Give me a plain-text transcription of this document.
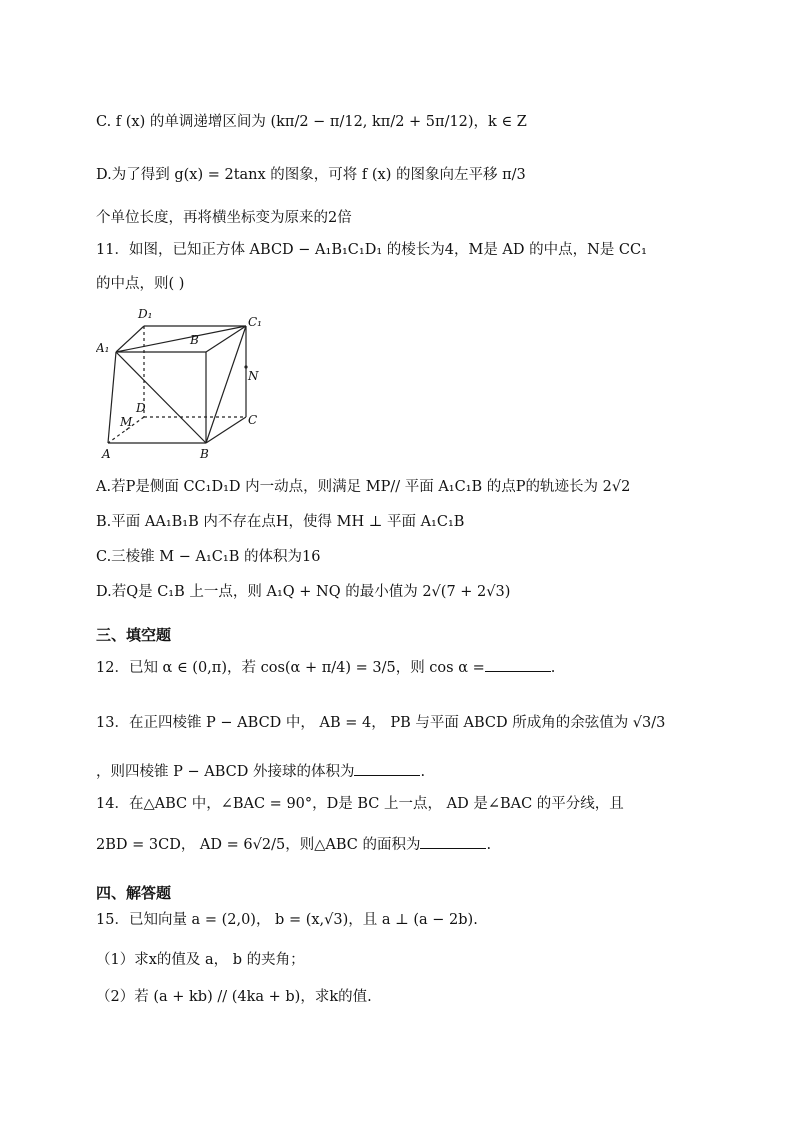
C. f (x) 的单调递增区间为 (kπ/2 − π/12, kπ/2 + 5π/12)，k ∈ Z
D.为了得到 g(x) = 2tanx 的图象，可将 f (x) 的图象向左平移 π/3
个单位长度，再将横坐标变为原来的2倍
11．如图，已知正方体 ABCD − A₁B₁C₁D₁ 的棱长为4，M是 AD 的中点，N是 CC₁
的中点，则( )
A.若P是侧面 CC₁D₁D 内一动点，则满足 MP// 平面 A₁C₁B 的点P的轨迹长为 2√2
B.平面 AA₁B₁B 内不存在点H，使得 MH ⊥ 平面 A₁C₁B
C.三棱锥 M − A₁C₁B 的体积为16
D.若Q是 C₁B 上一点，则 A₁Q + NQ 的最小值为 2√(7 + 2√3)
三、填空题
12．已知 α ∈ (0,π)，若 cos(α + π/4) = 3/5，则 cos α =	.
13．在正四棱锥 P − ABCD 中， AB = 4， PB 与平面 ABCD 所成角的余弦值为 √3/3
，则四棱锥 P − ABCD 外接球的体积为	.
14．在△ABC 中，∠BAC = 90°，D是 BC 上一点， AD 是∠BAC 的平分线，且
2BD = 3CD， AD = 6√2/5，则△ABC 的面积为	.
四、解答题
15．已知向量 a = (2,0)， b = (x,√3)，且 a ⊥ (a − 2b).
（1）求x的值及 a， b 的夹角；
（2）若 (a + kb) // (4ka + b)，求k的值.
D₁
C₁
A₁
B
N
D
M	C
A	B
